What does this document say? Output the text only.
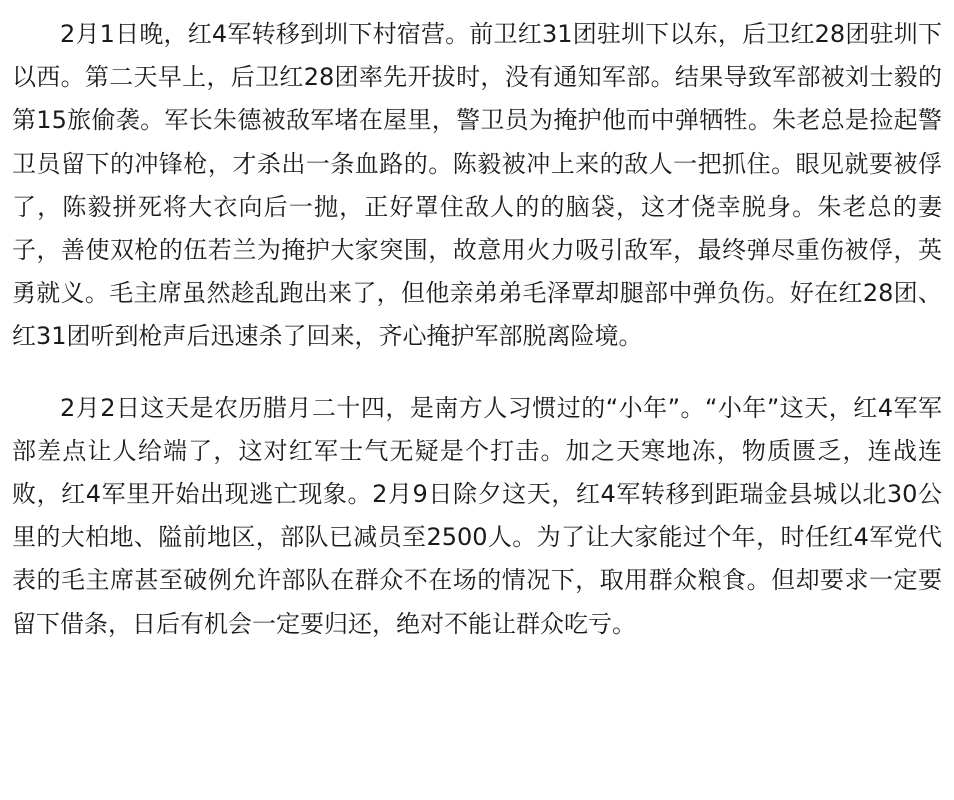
2月1日晚，红4军转移到圳下村宿营。前卫红31团驻圳下以东，后卫红28团驻圳下以西。第二天早上，后卫红28团率先开拔时，没有通知军部。结果导致军部被刘士毅的第15旅偷袭。军长朱德被敌军堵在屋里，警卫员为掩护他而中弹牺牲。朱老总是捡起警卫员留下的冲锋枪，才杀出一条血路的。陈毅被冲上来的敌人一把抓住。眼见就要被俘了，陈毅拼死将大衣向后一抛，正好罩住敌人的的脑袋，这才侥幸脱身。朱老总的妻子，善使双枪的伍若兰为掩护大家突围，故意用火力吸引敌军，最终弹尽重伤被俘，英勇就义。毛主席虽然趁乱跑出来了，但他亲弟弟毛泽覃却腿部中弹负伤。好在红28团、红31团听到枪声后迅速杀了回来，齐心掩护军部脱离险境。

2月2日这天是农历腊月二十四，是南方人习惯过的“小年”。“小年”这天，红4军军部差点让人给端了，这对红军士气无疑是个打击。加之天寒地冻，物质匮乏，连战连败，红4军里开始出现逃亡现象。2月9日除夕这天，红4军转移到距瑞金县城以北30公里的大柏地、隘前地区，部队已减员至2500人。为了让大家能过个年，时任红4军党代表的毛主席甚至破例允许部队在群众不在场的情况下，取用群众粮食。但却要求一定要留下借条，日后有机会一定要归还，绝对不能让群众吃亏。
